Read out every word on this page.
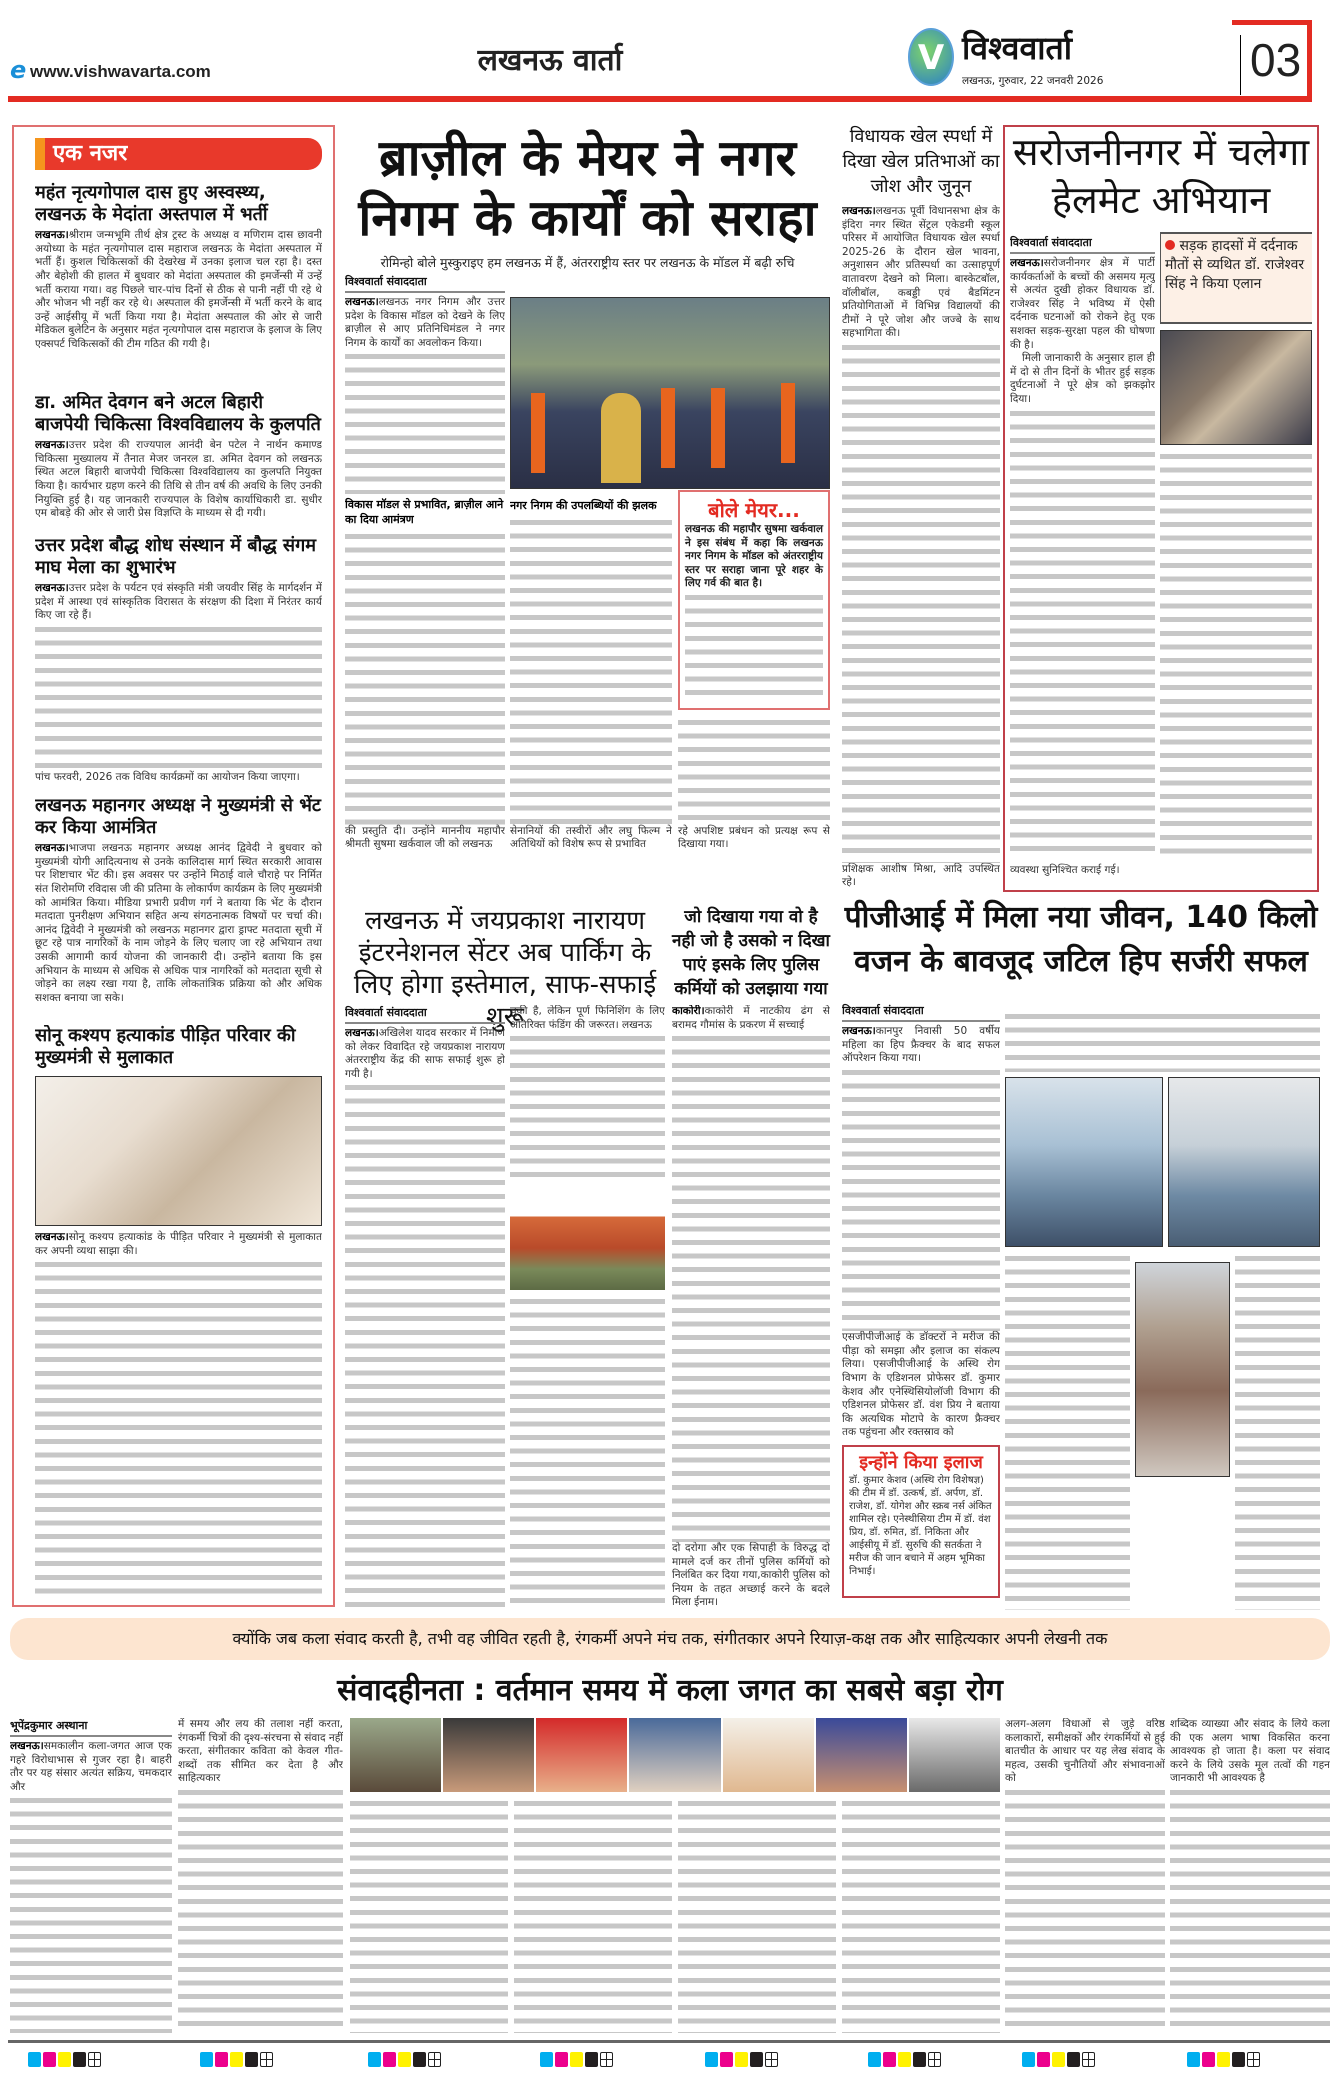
e www.vishwavarta.com	लखनऊ वार्ता	V विश्ववार्ता
लखनऊ, गुरुवार, 22 जनवरी 2026	03
एक नजर
महंत नृत्यगोपाल दास हुए अस्वस्थ्य, लखनऊ के मेदांता अस्तपाल में भर्ती
लखनऊ।श्रीराम जन्मभूमि तीर्थ क्षेत्र ट्रस्ट के अध्यक्ष व मणिराम दास छावनी अयोध्या के महंत नृत्यगोपाल दास महाराज लखनऊ के मेदांता अस्पताल में भर्ती हैं। कुशल चिकित्सकों की देखरेख में उनका इलाज चल रहा है। दस्त और बेहोशी की हालत में बुधवार को मेदांता अस्पताल की इमर्जेन्सी में उन्हें भर्ती कराया गया। वह पिछले चार-पांच दिनों से ठीक से पानी नहीं पी रहे थे और भोजन भी नहीं कर रहे थे। अस्पताल की इमर्जेन्सी में भर्ती करने के बाद उन्हें आईसीयू में भर्ती किया गया है। मेदांता अस्पताल की ओर से जारी मेडिकल बुलेटिन के अनुसार महंत नृत्यगोपाल दास महाराज के इलाज के लिए एक्सपर्ट चिकित्सकों की टीम गठित की गयी है।
डा. अमित देवगन बने अटल बिहारी बाजपेयी चिकित्सा विश्वविद्यालय के कुलपति
लखनऊ।उत्तर प्रदेश की राज्यपाल आनंदी बेन पटेल ने नार्थन कमाण्ड चिकित्सा मुख्यालय में तैनात मेजर जनरल डा. अमित देवगन को लखनऊ स्थित अटल बिहारी बाजपेयी चिकित्सा विश्वविद्यालय का कुलपति नियुक्त किया है। कार्यभार ग्रहण करने की तिथि से तीन वर्ष की अवधि के लिए उनकी नियुक्ति हुई है। यह जानकारी राज्यपाल के विशेष कार्याधिकारी डा. सुधीर एम बोबड़े की ओर से जारी प्रेस विज्ञप्ति के माध्यम से दी गयी।
उत्तर प्रदेश बौद्ध शोध संस्थान में बौद्ध संगम माघ मेला का शुभारंभ
लखनऊ।उत्तर प्रदेश के पर्यटन एवं संस्कृति मंत्री जयवीर सिंह के मार्गदर्शन में प्रदेश में आस्था एवं सांस्कृतिक विरासत के संरक्षण की दिशा में निरंतर कार्य किए जा रहे हैं।
पांच फरवरी, 2026 तक विविध कार्यक्रमों का आयोजन किया जाएगा।
लखनऊ महानगर अध्यक्ष ने मुख्यमंत्री से भेंट कर किया आमंत्रित
लखनऊ।भाजपा लखनऊ महानगर अध्यक्ष आनंद द्विवेदी ने बुधवार को मुख्यमंत्री योगी आदित्यनाथ से उनके कालिदास मार्ग स्थित सरकारी आवास पर शिष्टाचार भेंट की। इस अवसर पर उन्होंने मिठाई वाले चौराहे पर निर्मित संत शिरोमणि रविदास जी की प्रतिमा के लोकार्पण कार्यक्रम के लिए मुख्यमंत्री को आमंत्रित किया। मीडिया प्रभारी प्रवीण गर्ग ने बताया कि भेंट के दौरान मतदाता पुनरीक्षण अभियान सहित अन्य संगठनात्मक विषयों पर चर्चा की। आनंद द्विवेदी ने मुख्यमंत्री को लखनऊ महानगर द्वारा ड्राफ्ट मतदाता सूची में छूट रहे पात्र नागरिकों के नाम जोड़ने के लिए चलाए जा रहे अभियान तथा उसकी आगामी कार्य योजना की जानकारी दी। उन्होंने बताया कि इस अभियान के माध्यम से अधिक से अधिक पात्र नागरिकों को मतदाता सूची से जोड़ने का लक्ष्य रखा गया है, ताकि लोकतांत्रिक प्रक्रिया को और अधिक सशक्त बनाया जा सके।
सोनू कश्यप हत्याकांड पीड़ित परिवार की मुख्यमंत्री से मुलाकात
लखनऊ।सोनू कश्यप हत्याकांड के पीड़ित परिवार ने मुख्यमंत्री से मुलाकात कर अपनी व्यथा साझा की।
ब्राज़ील के मेयर ने नगर निगम के कार्यों को सराहा
रोमिन्हो बोले मुस्कुराइए हम लखनऊ में हैं, अंतरराष्ट्रीय स्तर पर लखनऊ के मॉडल में बढ़ी रुचि
विश्ववार्ता संवाददाता
लखनऊ।लखनऊ नगर निगम और उत्तर प्रदेश के विकास मॉडल को देखने के लिए ब्राज़ील से आए प्रतिनिधिमंडल ने नगर निगम के कार्यों का अवलोकन किया।
विकास मॉडल से प्रभावित, ब्राज़ील आने का दिया आमंत्रण
की प्रस्तुति दी। उन्होंने माननीय महापौर श्रीमती सुषमा खर्कवाल जी को लखनऊ
नगर निगम की उपलब्धियों की झलक
सेनानियों की तस्वीरों और लघु फिल्म ने अतिथियों को विशेष रूप से प्रभावित
बोले मेयर...
लखनऊ की महापौर सुषमा खर्कवाल ने इस संबंध में कहा कि लखनऊ नगर निगम के मॉडल को अंतरराष्ट्रीय स्तर पर सराहा जाना पूरे शहर के लिए गर्व की बात है।
रहे अपशिष्ट प्रबंधन को प्रत्यक्ष रूप से दिखाया गया।
लखनऊ में जयप्रकाश नारायण इंटरनेशनल सेंटर अब पार्किंग के लिए होगा इस्तेमाल, साफ-सफाई शुरू
विश्ववार्ता संवाददाता
लखनऊ।अखिलेश यादव सरकार में निर्माण को लेकर विवादित रहे जयप्रकाश नारायण अंतरराष्ट्रीय केंद्र की साफ सफाई शुरू हो गयी है।
चुकी है, लेकिन पूर्ण फिनिशिंग के लिए अतिरिक्त फंडिंग की जरूरत। लखनऊ
जो दिखाया गया वो है नही जो है उसको न दिखा पाएं इसके लिए पुलिस कर्मियों को उलझाया गया
काकोरी।काकोरी में नाटकीय ढंग से बरामद गौमांस के प्रकरण में सच्चाई
दो दरोगा और एक सिपाही के विरुद्ध दो मामले दर्ज कर तीनों पुलिस कर्मियों को निलंबित कर दिया गया,काकोरी पुलिस को नियम के तहत अच्छाई करने के बदले मिला ईनाम।
विधायक खेल स्पर्धा में दिखा खेल प्रतिभाओं का जोश और जुनून
लखनऊ।लखनऊ पूर्वी विधानसभा क्षेत्र के इंदिरा नगर स्थित सेंट्रल एकेडमी स्कूल परिसर में आयोजित विधायक खेल स्पर्धा 2025-26 के दौरान खेल भावना, अनुशासन और प्रतिस्पर्धा का उत्साहपूर्ण वातावरण देखने को मिला। बास्केटबॉल, वॉलीबॉल, कबड्डी एवं बैडमिंटन प्रतियोगिताओं में विभिन्न विद्यालयों की टीमों ने पूरे जोश और जज्बे के साथ सहभागिता की।
प्रशिक्षक आशीष मिश्रा, आदि उपस्थित रहे।
सरोजनीनगर में चलेगा हेलमेट अभियान
विश्ववार्ता संवाददाता
लखनऊ।सरोजनीनगर क्षेत्र में पार्टी कार्यकर्ताओं के बच्चों की असमय मृत्यु से अत्यंत दुखी होकर विधायक डॉ. राजेश्वर सिंह ने भविष्य में ऐसी दर्दनाक घटनाओं को रोकने हेतु एक सशक्त सड़क-सुरक्षा पहल की घोषणा की है।
मिली जानाकारी के अनुसार हाल ही में दो से तीन दिनों के भीतर हुई सड़क दुर्घटनाओं ने पूरे क्षेत्र को झकझोर दिया।
सड़क हादसों में दर्दनाक मौतों से व्यथित डॉ. राजेश्वर सिंह ने किया एलान
व्यवस्था सुनिश्चित कराई गई।
पीजीआई में मिला नया जीवन, 140 किलो वजन के बावजूद जटिल हिप सर्जरी सफल
विश्ववार्ता संवाददाता
लखनऊ।कानपुर निवासी 50 वर्षीय महिला का हिप फ्रैक्चर के बाद सफल ऑपरेशन किया गया।
एसजीपीजीआई के डॉक्टरों ने मरीज की पीड़ा को समझा और इलाज का संकल्प लिया। एसजीपीजीआई के अस्थि रोग विभाग के एडिशनल प्रोफेसर डॉ. कुमार केशव और एनेस्थिसियोलॉजी विभाग की एडिशनल प्रोफेसर डॉ. वंश प्रिय ने बताया कि अत्यधिक मोटापे के कारण फ्रैक्चर तक पहुंचना और रक्तस्राव को
इन्होंने किया इलाज
डॉ. कुमार केशव (अस्थि रोग विशेषज्ञ) की टीम में डॉ. उत्कर्ष, डॉ. अर्पण, डॉ. राजेश, डॉ. योगेश और स्क्रब नर्स अंकित शामिल रहे। एनेस्थीसिया टीम में डॉ. वंश प्रिय, डॉ. रुमित, डॉ. निकिता और आईसीयू में डॉ. सुरुचि की सतर्कता ने मरीज की जान बचाने में अहम भूमिका निभाई।
क्योंकि जब कला संवाद करती है, तभी वह जीवित रहती है, रंगकर्मी अपने मंच तक, संगीतकार अपने रियाज़-कक्ष तक और साहित्यकार अपनी लेखनी तक
संवादहीनता : वर्तमान समय में कला जगत का सबसे बड़ा रोग
भूपेंद्रकुमार अस्थाना
लखनऊ।समकालीन कला-जगत आज एक गहरे विरोधाभास से गुजर रहा है। बाहरी तौर पर यह संसार अत्यंत सक्रिय, चमकदार और
में समय और लय की तलाश नहीं करता, रंगकर्मी चित्रों की दृश्य-संरचना से संवाद नहीं करता, संगीतकार कविता को केवल गीत-शब्दों तक सीमित कर देता है और साहित्यकार
अलग-अलग विधाओं से जुड़े वरिष्ठ कलाकारों, समीक्षकों और रंगकर्मियों से हुई बातचीत के आधार पर यह लेख संवाद के महत्व, उसकी चुनौतियों और संभावनाओं को
शब्दिक व्याख्या और संवाद के लिये कला की एक अलग भाषा विकसित करना आवश्यक हो जाता है। कला पर संवाद करने के लिये उसके मूल तत्वों की गहन जानकारी भी आवश्यक है
